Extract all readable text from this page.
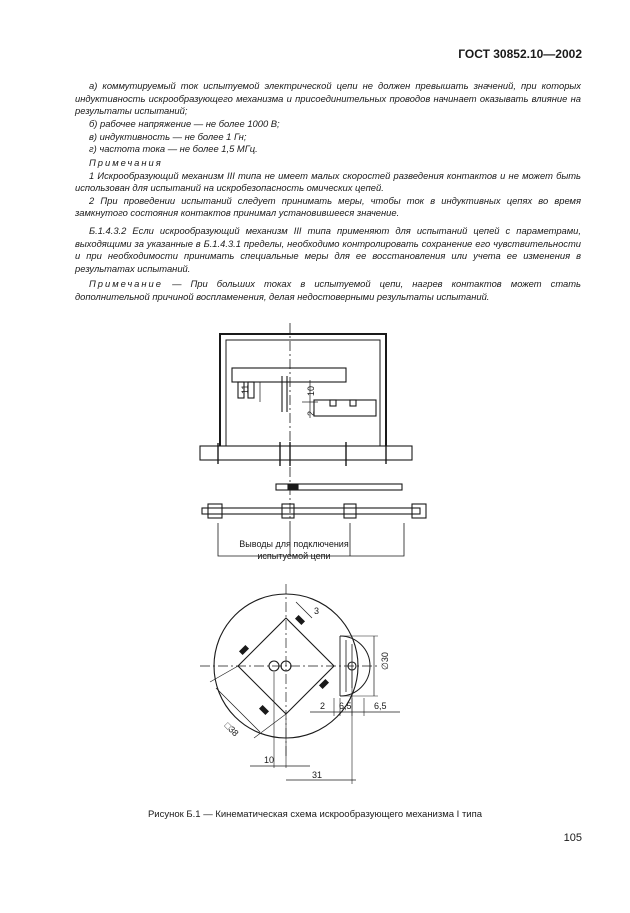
ГОСТ 30852.10—2002

а) коммутируемый ток испытуемой электрической цепи не должен превышать значений, при которых индуктивность искрообразующего механизма и присоединительных проводов начинает оказывать влияние на результаты испытаний;

б) рабочее напряжение — не более 1000 В;

в) индуктивность — не более 1 Гн;

г) частота тока — не более 1,5 МГц.

Примечания

1 Искрообразующий механизм III типа не имеет малых скоростей разведения контактов и не может быть использован для испытаний на искробезопасность омических цепей.

2 При проведении испытаний следует принимать меры, чтобы ток в индуктивных цепях во время замкнутого состояния контактов принимал установившееся значение.

Б.1.4.3.2 Если искрообразующий механизм III типа применяют для испытаний цепей с параметрами, выходящими за указанные в Б.1.4.3.1 пределы, необходимо контролировать сохранение его чувствительности и при необходимости принимать специальные меры для ее восстановления или учета ее изменения в результатах испытаний.

Примечание — При больших токах в испытуемой цепи, нагрев контактов может стать дополнительной причиной воспламенения, делая недостоверными результаты испытаний.

11	10
2
Выводы для подключения
испытуемой цепи
3
∅30
2 6,5 6,5
□38
10
31
Рисунок Б.1 — Кинематическая схема искрообразующего механизма I типа
105
